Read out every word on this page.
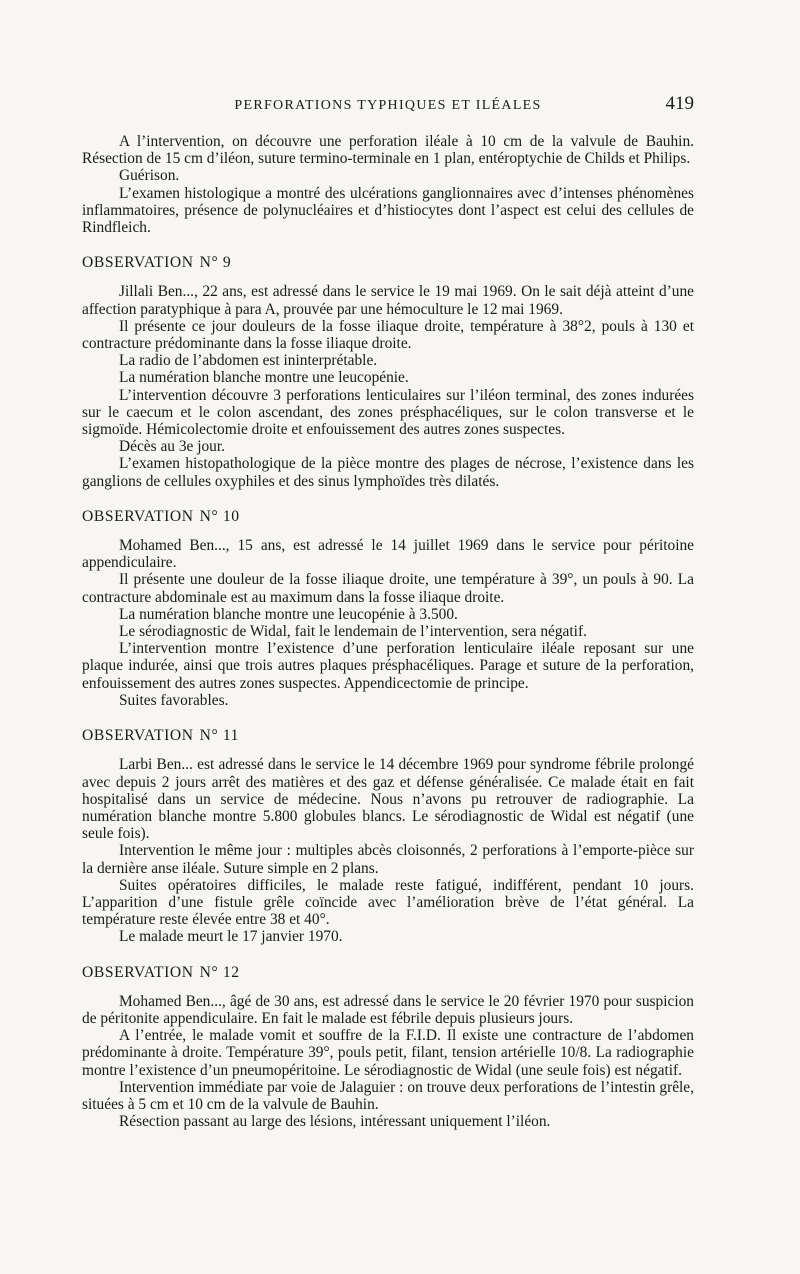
PERFORATIONS TYPHIQUES ET ILÉALES	419

A l’intervention, on découvre une perforation iléale à 10 cm de la valvule de Bauhin. Résection de 15 cm d’iléon, suture termino-terminale en 1 plan, entéroptychie de Childs et Philips.

Guérison.

L’examen histologique a montré des ulcérations ganglionnaires avec d’intenses phénomènes inflammatoires, présence de polynucléaires et d’histiocytes dont l’aspect est celui des cellules de Rindfleich.

OBSERVATION N° 9

Jillali Ben..., 22 ans, est adressé dans le service le 19 mai 1969. On le sait déjà atteint d’une affection paratyphique à para A, prouvée par une hémoculture le 12 mai 1969.

Il présente ce jour douleurs de la fosse iliaque droite, température à 38°2, pouls à 130 et contracture prédominante dans la fosse iliaque droite.

La radio de l’abdomen est ininterprétable.

La numération blanche montre une leucopénie.

L’intervention découvre 3 perforations lenticulaires sur l’iléon terminal, des zones indurées sur le caecum et le colon ascendant, des zones présphacéliques, sur le colon transverse et le sigmoïde. Hémicolectomie droite et enfouissement des autres zones suspectes.

Décès au 3e jour.

L’examen histopathologique de la pièce montre des plages de nécrose, l’existence dans les ganglions de cellules oxyphiles et des sinus lymphoïdes très dilatés.

OBSERVATION N° 10

Mohamed Ben..., 15 ans, est adressé le 14 juillet 1969 dans le service pour péritoine appendiculaire.

Il présente une douleur de la fosse iliaque droite, une température à 39°, un pouls à 90. La contracture abdominale est au maximum dans la fosse iliaque droite.

La numération blanche montre une leucopénie à 3.500.

Le sérodiagnostic de Widal, fait le lendemain de l’intervention, sera négatif.

L’intervention montre l’existence d’une perforation lenticulaire iléale reposant sur une plaque indurée, ainsi que trois autres plaques présphacéliques. Parage et suture de la perforation, enfouissement des autres zones suspectes. Appendicectomie de principe.

Suites favorables.

OBSERVATION N° 11

Larbi Ben... est adressé dans le service le 14 décembre 1969 pour syndrome fébrile prolongé avec depuis 2 jours arrêt des matières et des gaz et défense généralisée. Ce malade était en fait hospitalisé dans un service de médecine. Nous n’avons pu retrouver de radiographie. La numération blanche montre 5.800 globules blancs. Le sérodiagnostic de Widal est négatif (une seule fois).

Intervention le même jour : multiples abcès cloisonnés, 2 perforations à l’emporte-pièce sur la dernière anse iléale. Suture simple en 2 plans.

Suites opératoires difficiles, le malade reste fatigué, indifférent, pendant 10 jours. L’apparition d’une fistule grêle coïncide avec l’amélioration brève de l’état général. La température reste élevée entre 38 et 40°.

Le malade meurt le 17 janvier 1970.

OBSERVATION N° 12

Mohamed Ben..., âgé de 30 ans, est adressé dans le service le 20 février 1970 pour suspicion de péritonite appendiculaire. En fait le malade est fébrile depuis plusieurs jours.

A l’entrée, le malade vomit et souffre de la F.I.D. Il existe une contracture de l’abdomen prédominante à droite. Température 39°, pouls petit, filant, tension artérielle 10/8. La radiographie montre l’existence d’un pneumopéritoine. Le sérodiagnostic de Widal (une seule fois) est négatif.

Intervention immédiate par voie de Jalaguier : on trouve deux perforations de l’intestin grêle, situées à 5 cm et 10 cm de la valvule de Bauhin.

Résection passant au large des lésions, intéressant uniquement l’iléon.
